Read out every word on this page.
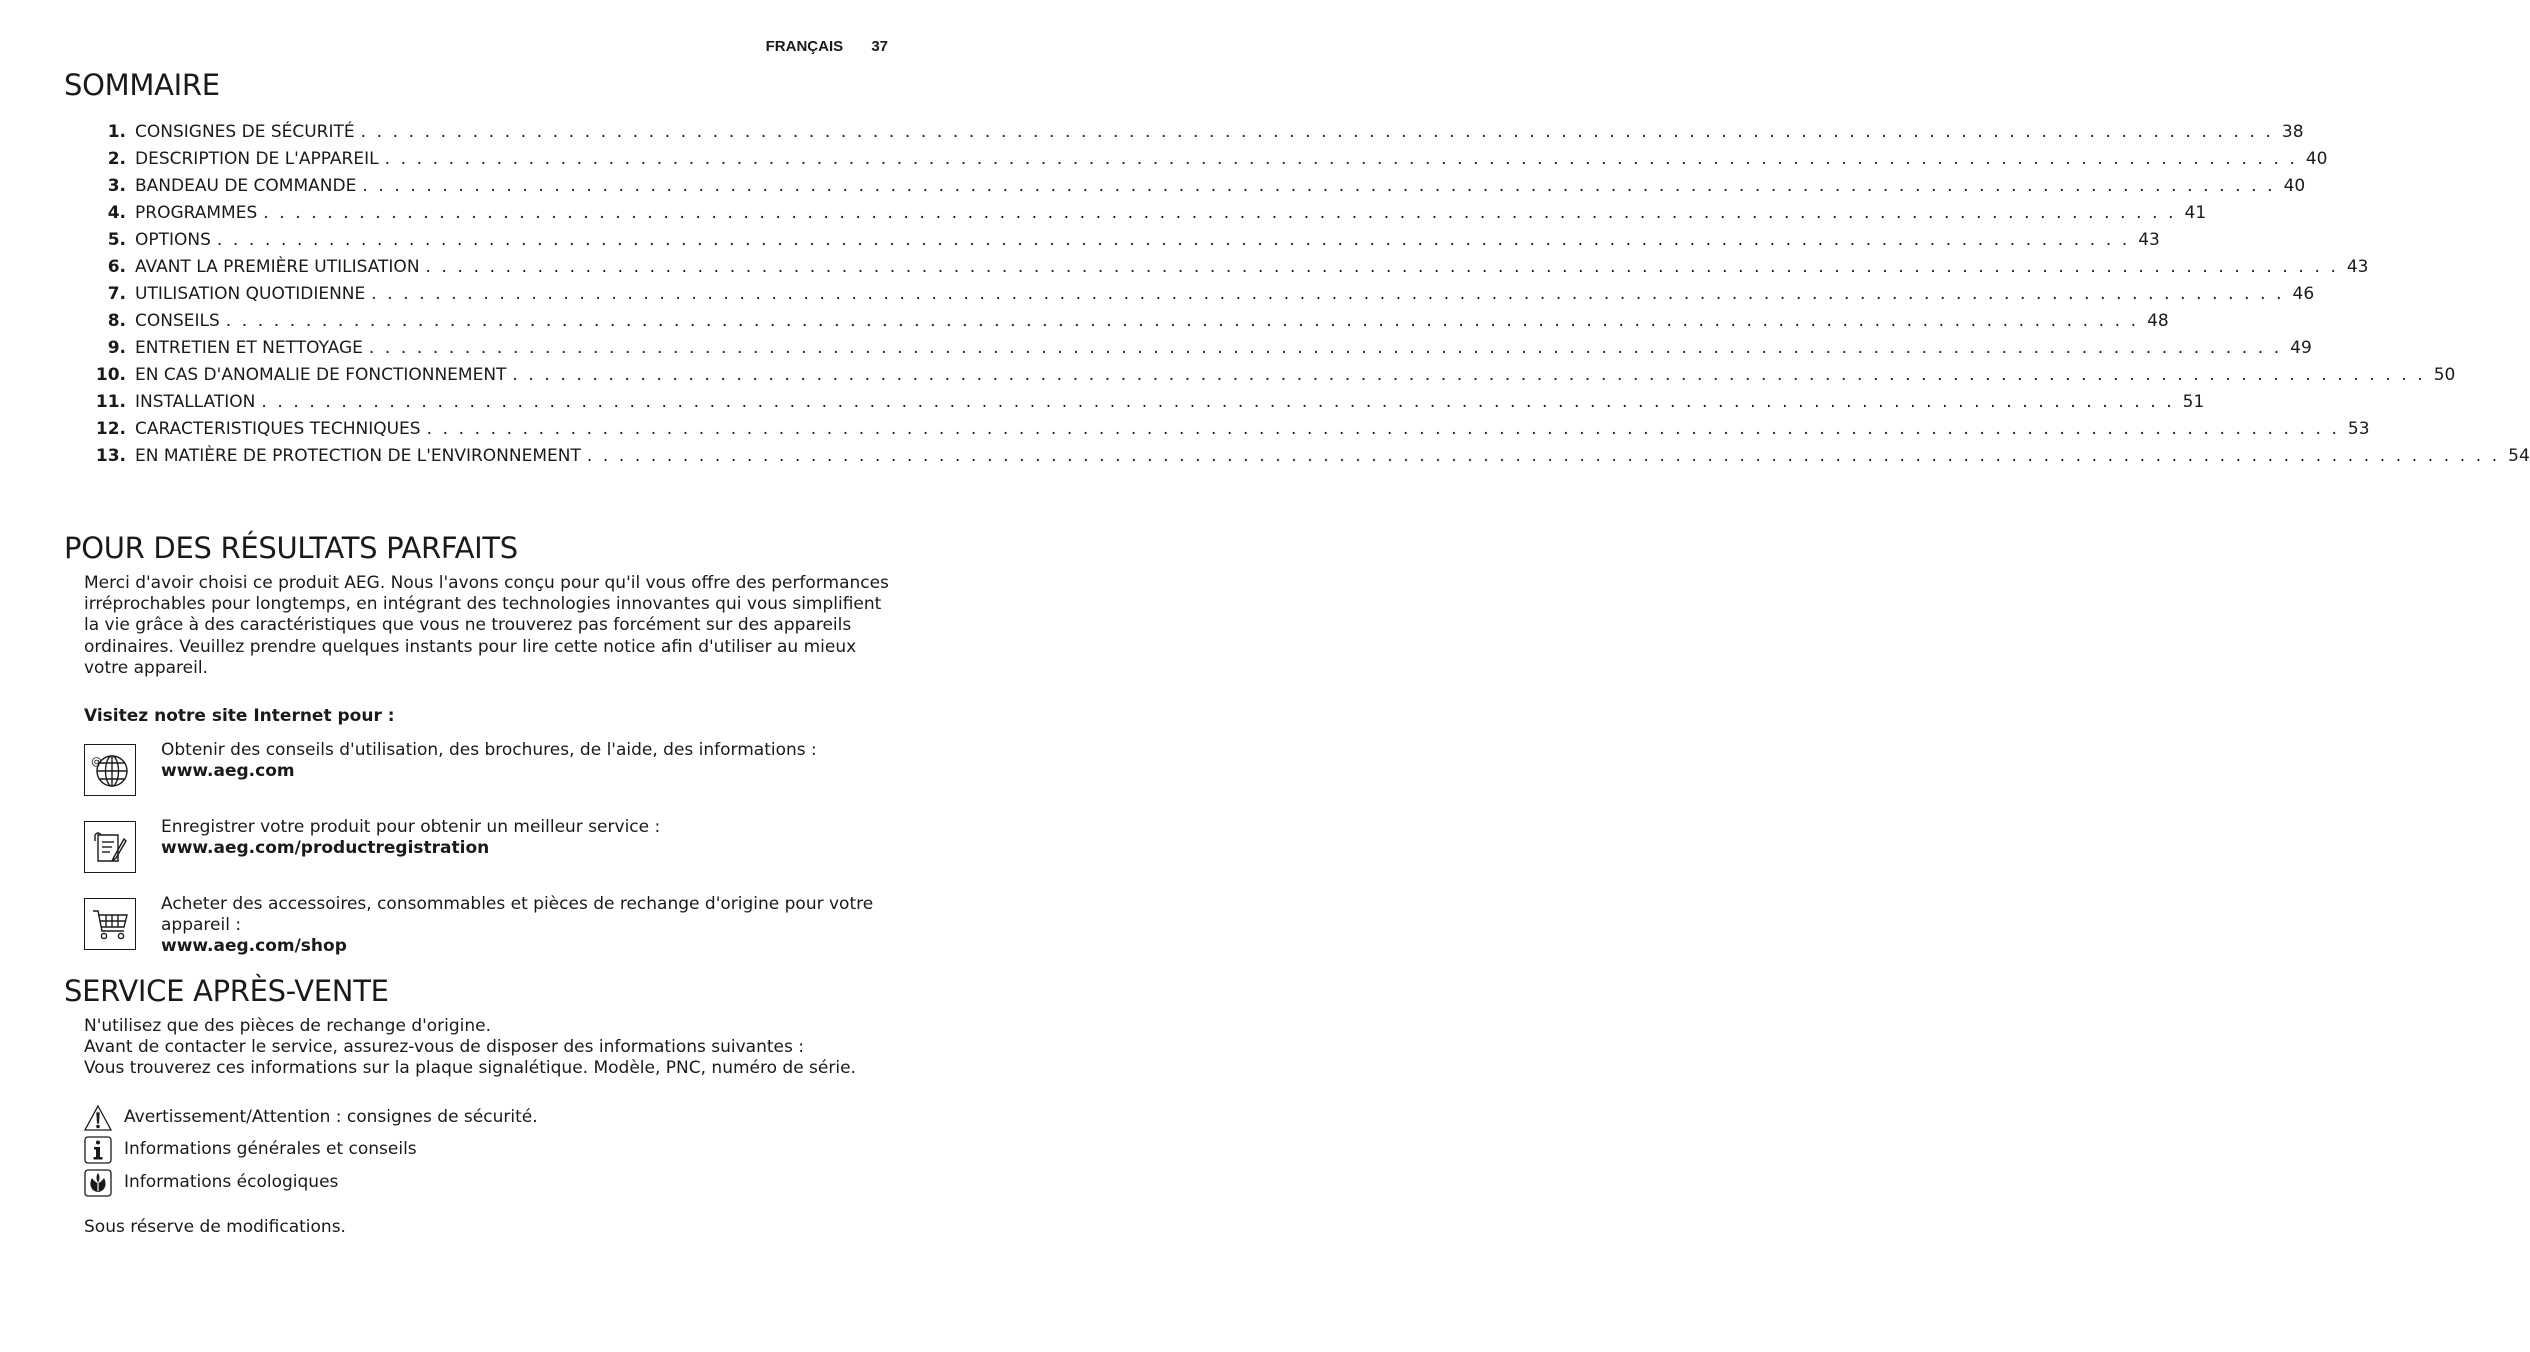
FRANÇAIS 37
SOMMAIRE
1. CONSIGNES DE SÉCURITÉ . . . . . . . . . . . . . . . . . . . . . . . . . . . . . . . . . . . . . . . . . . . . . . . . . . . . . . . . . . . . . . . . . . . . . . . . . . . . . . . . . . . . . . . . . . . . . . . . . . . . . . . . . . . . . . . . . . . . . . . . 38
2. DESCRIPTION DE L'APPAREIL . . . . . . . . . . . . . . . . . . . . . . . . . . . . . . . . . . . . . . . . . . . . . . . . . . . . . . . . . . . . . . . . . . . . . . . . . . . . . . . . . . . . . . . . . . . . . . . . . . . . . . . . . . . . . . . . . . . . . . . . 40
3. BANDEAU DE COMMANDE . . . . . . . . . . . . . . . . . . . . . . . . . . . . . . . . . . . . . . . . . . . . . . . . . . . . . . . . . . . . . . . . . . . . . . . . . . . . . . . . . . . . . . . . . . . . . . . . . . . . . . . . . . . . . . . . . . . . . . . . 40
4. PROGRAMMES . . . . . . . . . . . . . . . . . . . . . . . . . . . . . . . . . . . . . . . . . . . . . . . . . . . . . . . . . . . . . . . . . . . . . . . . . . . . . . . . . . . . . . . . . . . . . . . . . . . . . . . . . . . . . . . . . . . . . . . . 41
5. OPTIONS . . . . . . . . . . . . . . . . . . . . . . . . . . . . . . . . . . . . . . . . . . . . . . . . . . . . . . . . . . . . . . . . . . . . . . . . . . . . . . . . . . . . . . . . . . . . . . . . . . . . . . . . . . . . . . . . . . . . . . . . 43
6. AVANT LA PREMIÈRE UTILISATION . . . . . . . . . . . . . . . . . . . . . . . . . . . . . . . . . . . . . . . . . . . . . . . . . . . . . . . . . . . . . . . . . . . . . . . . . . . . . . . . . . . . . . . . . . . . . . . . . . . . . . . . . . . . . . . . . . . . . . . . 43
7. UTILISATION QUOTIDIENNE . . . . . . . . . . . . . . . . . . . . . . . . . . . . . . . . . . . . . . . . . . . . . . . . . . . . . . . . . . . . . . . . . . . . . . . . . . . . . . . . . . . . . . . . . . . . . . . . . . . . . . . . . . . . . . . . . . . . . . . . 46
8. CONSEILS . . . . . . . . . . . . . . . . . . . . . . . . . . . . . . . . . . . . . . . . . . . . . . . . . . . . . . . . . . . . . . . . . . . . . . . . . . . . . . . . . . . . . . . . . . . . . . . . . . . . . . . . . . . . . . . . . . . . . . . . 48
9. ENTRETIEN ET NETTOYAGE . . . . . . . . . . . . . . . . . . . . . . . . . . . . . . . . . . . . . . . . . . . . . . . . . . . . . . . . . . . . . . . . . . . . . . . . . . . . . . . . . . . . . . . . . . . . . . . . . . . . . . . . . . . . . . . . . . . . . . . . 49
10. EN CAS D'ANOMALIE DE FONCTIONNEMENT . . . . . . . . . . . . . . . . . . . . . . . . . . . . . . . . . . . . . . . . . . . . . . . . . . . . . . . . . . . . . . . . . . . . . . . . . . . . . . . . . . . . . . . . . . . . . . . . . . . . . . . . . . . . . . . . . . . . . . . . 50
11. INSTALLATION . . . . . . . . . . . . . . . . . . . . . . . . . . . . . . . . . . . . . . . . . . . . . . . . . . . . . . . . . . . . . . . . . . . . . . . . . . . . . . . . . . . . . . . . . . . . . . . . . . . . . . . . . . . . . . . . . . . . . . . . 51
12. CARACTERISTIQUES TECHNIQUES . . . . . . . . . . . . . . . . . . . . . . . . . . . . . . . . . . . . . . . . . . . . . . . . . . . . . . . . . . . . . . . . . . . . . . . . . . . . . . . . . . . . . . . . . . . . . . . . . . . . . . . . . . . . . . . . . . . . . . . . 53
13. EN MATIÈRE DE PROTECTION DE L'ENVIRONNEMENT . . . . . . . . . . . . . . . . . . . . . . . . . . . . . . . . . . . . . . . . . . . . . . . . . . . . . . . . . . . . . . . . . . . . . . . . . . . . . . . . . . . . . . . . . . . . . . . . . . . . . . . . . . . . . . . . . . . . . . . . 54
POUR DES RÉSULTATS PARFAITS

Merci d'avoir choisi ce produit AEG. Nous l'avons conçu pour qu'il vous offre des performances irréprochables pour longtemps, en intégrant des technologies innovantes qui vous simplifient la vie grâce à des caractéristiques que vous ne trouverez pas forcément sur des appareils ordinaires. Veuillez prendre quelques instants pour lire cette notice afin d'utiliser au mieux votre appareil.

Visitez notre site Internet pour :

@
Obtenir des conseils d'utilisation, des brochures, de l'aide, des informations :
www.aeg.com
Enregistrer votre produit pour obtenir un meilleur service :
www.aeg.com/productregistration
Acheter des accessoires, consommables et pièces de rechange d'origine pour votre appareil :
www.aeg.com/shop
SERVICE APRÈS-VENTE
N'utilisez que des pièces de rechange d'origine.
Avant de contacter le service, assurez-vous de disposer des informations suivantes :
Vous trouverez ces informations sur la plaque signalétique. Modèle, PNC, numéro de série.
Avertissement/Attention : consignes de sécurité.
Informations générales et conseils
Informations écologiques

Sous réserve de modifications.
